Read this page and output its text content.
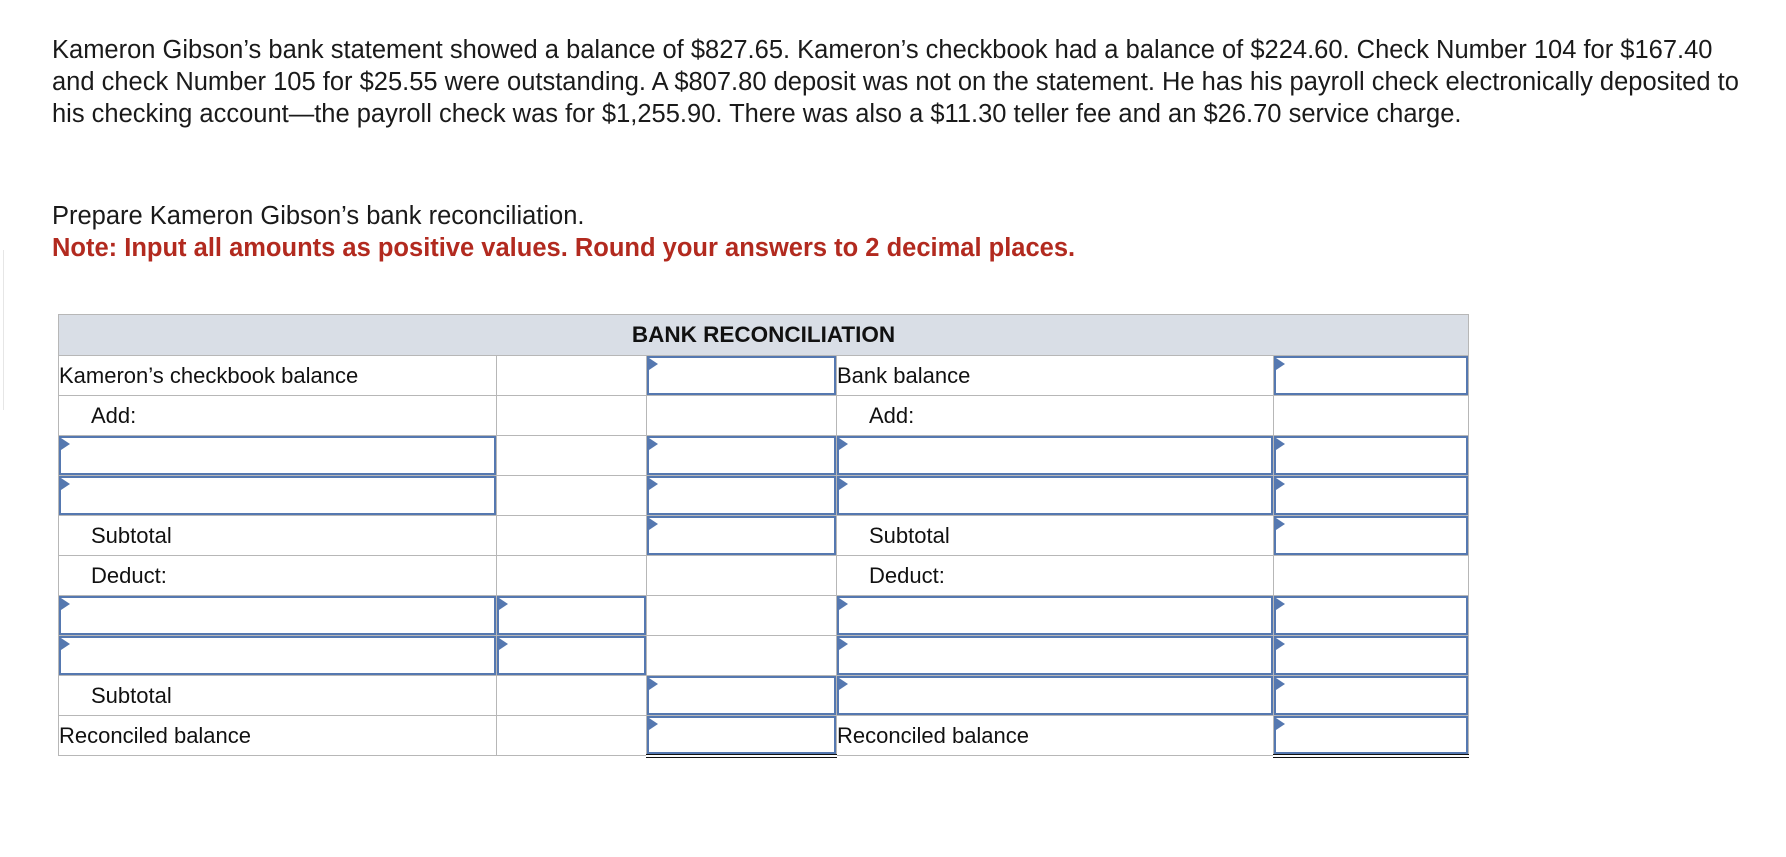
Kameron Gibson’s bank statement showed a balance of $827.65. Kameron’s checkbook had a balance of $224.60. Check Number 104 for $167.40 and check Number 105 for $25.55 were outstanding. A $807.80 deposit was not on the statement. He has his payroll check electronically deposited to his checking account—the payroll check was for $1,255.90. There was also a $11.30 teller fee and an $26.70 service charge.

Prepare Kameron Gibson’s bank reconciliation.
Note: Input all amounts as positive values. Round your answers to 2 decimal places.
BANK RECONCILIATION				
Kameron’s checkbook balance			Bank balance	

Add:			Add:	

Subtotal			Subtotal	

Deduct:			Deduct:	

Subtotal		

Reconciled balance			Reconciled balance	
